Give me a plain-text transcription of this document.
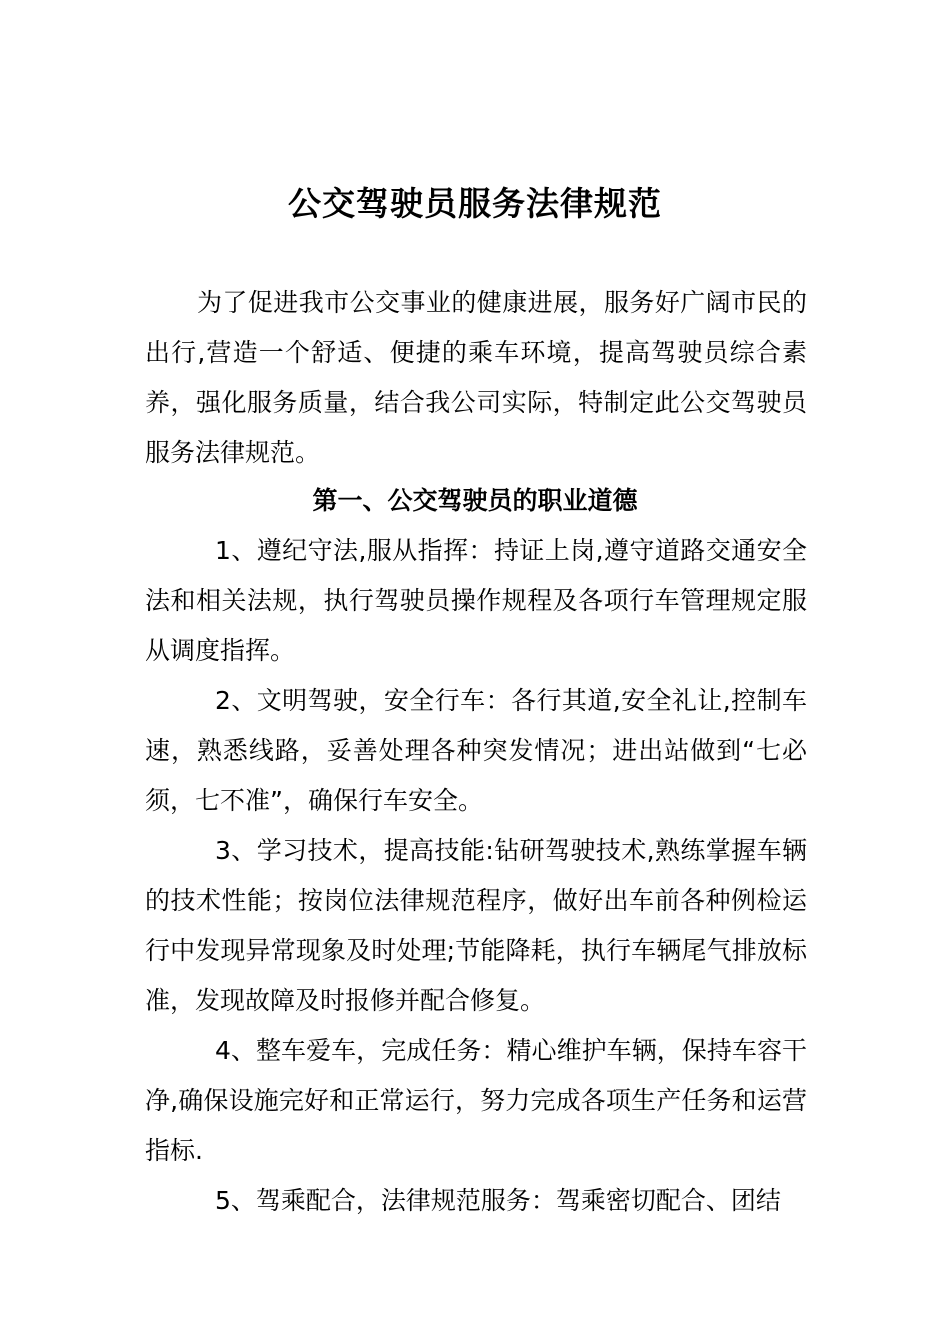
公交驾驶员服务法律规范
为了促进我市公交事业的健康进展，服务好广阔市民的出行,营造一个舒适、便捷的乘车环境，提高驾驶员综合素养，强化服务质量，结合我公司实际，特制定此公交驾驶员服务法律规范。
第一、公交驾驶员的职业道德
1、遵纪守法,服从指挥：持证上岗,遵守道路交通安全法和相关法规，执行驾驶员操作规程及各项行车管理规定服从调度指挥。
2、文明驾驶，安全行车：各行其道,安全礼让,控制车速，熟悉线路，妥善处理各种突发情况；进出站做到“七必须，七不准”，确保行车安全。
3、学习技术，提高技能:钻研驾驶技术,熟练掌握车辆的技术性能；按岗位法律规范程序，做好出车前各种例检运行中发现异常现象及时处理;节能降耗，执行车辆尾气排放标准，发现故障及时报修并配合修复。
4、整车爱车，完成任务：精心维护车辆，保持车容干净,确保设施完好和正常运行，努力完成各项生产任务和运营指标.
5、驾乘配合，法律规范服务：驾乘密切配合、团结
